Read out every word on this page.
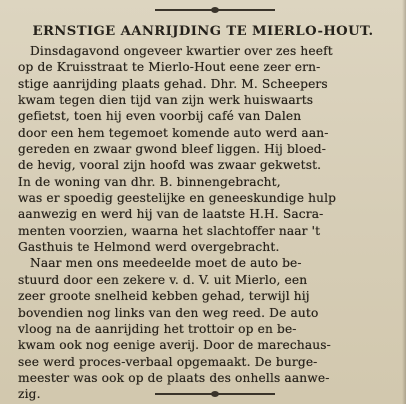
ERNSTIGE AANRIJDING TE MIERLO-HOUT.
Dinsdagavond ongeveer kwartier over zes heeft
op de Kruisstraat te Mierlo-Hout eene zeer ern-
stige aanrijding plaats gehad. Dhr. M. Scheepers
kwam tegen dien tijd van zijn werk huiswaarts
gefietst, toen hij even voorbij café van Dalen
door een hem tegemoet komende auto werd aan-
gereden en zwaar gwond bleef liggen. Hij bloed-
de hevig, vooral zijn hoofd was zwaar gekwetst.
In de woning van dhr. B. binnengebracht,
was er spoedig geestelijke en geneeskundige hulp
aanwezig en werd hij van de laatste H.H. Sacra-
menten voorzien, waarna het slachtoffer naar 't
Gasthuis te Helmond werd overgebracht.
Naar men ons meedeelde moet de auto be-
stuurd door een zekere v. d. V. uit Mierlo, een
zeer groote snelheid kebben gehad, terwijl hij
bovendien nog links van den weg reed. De auto
vloog na de aanrijding het trottoir op en be-
kwam ook nog eenige averij. Door de marechaus-
see werd proces-verbaal opgemaakt. De burge-
meester was ook op de plaats des onhells aanwe-
zig.
